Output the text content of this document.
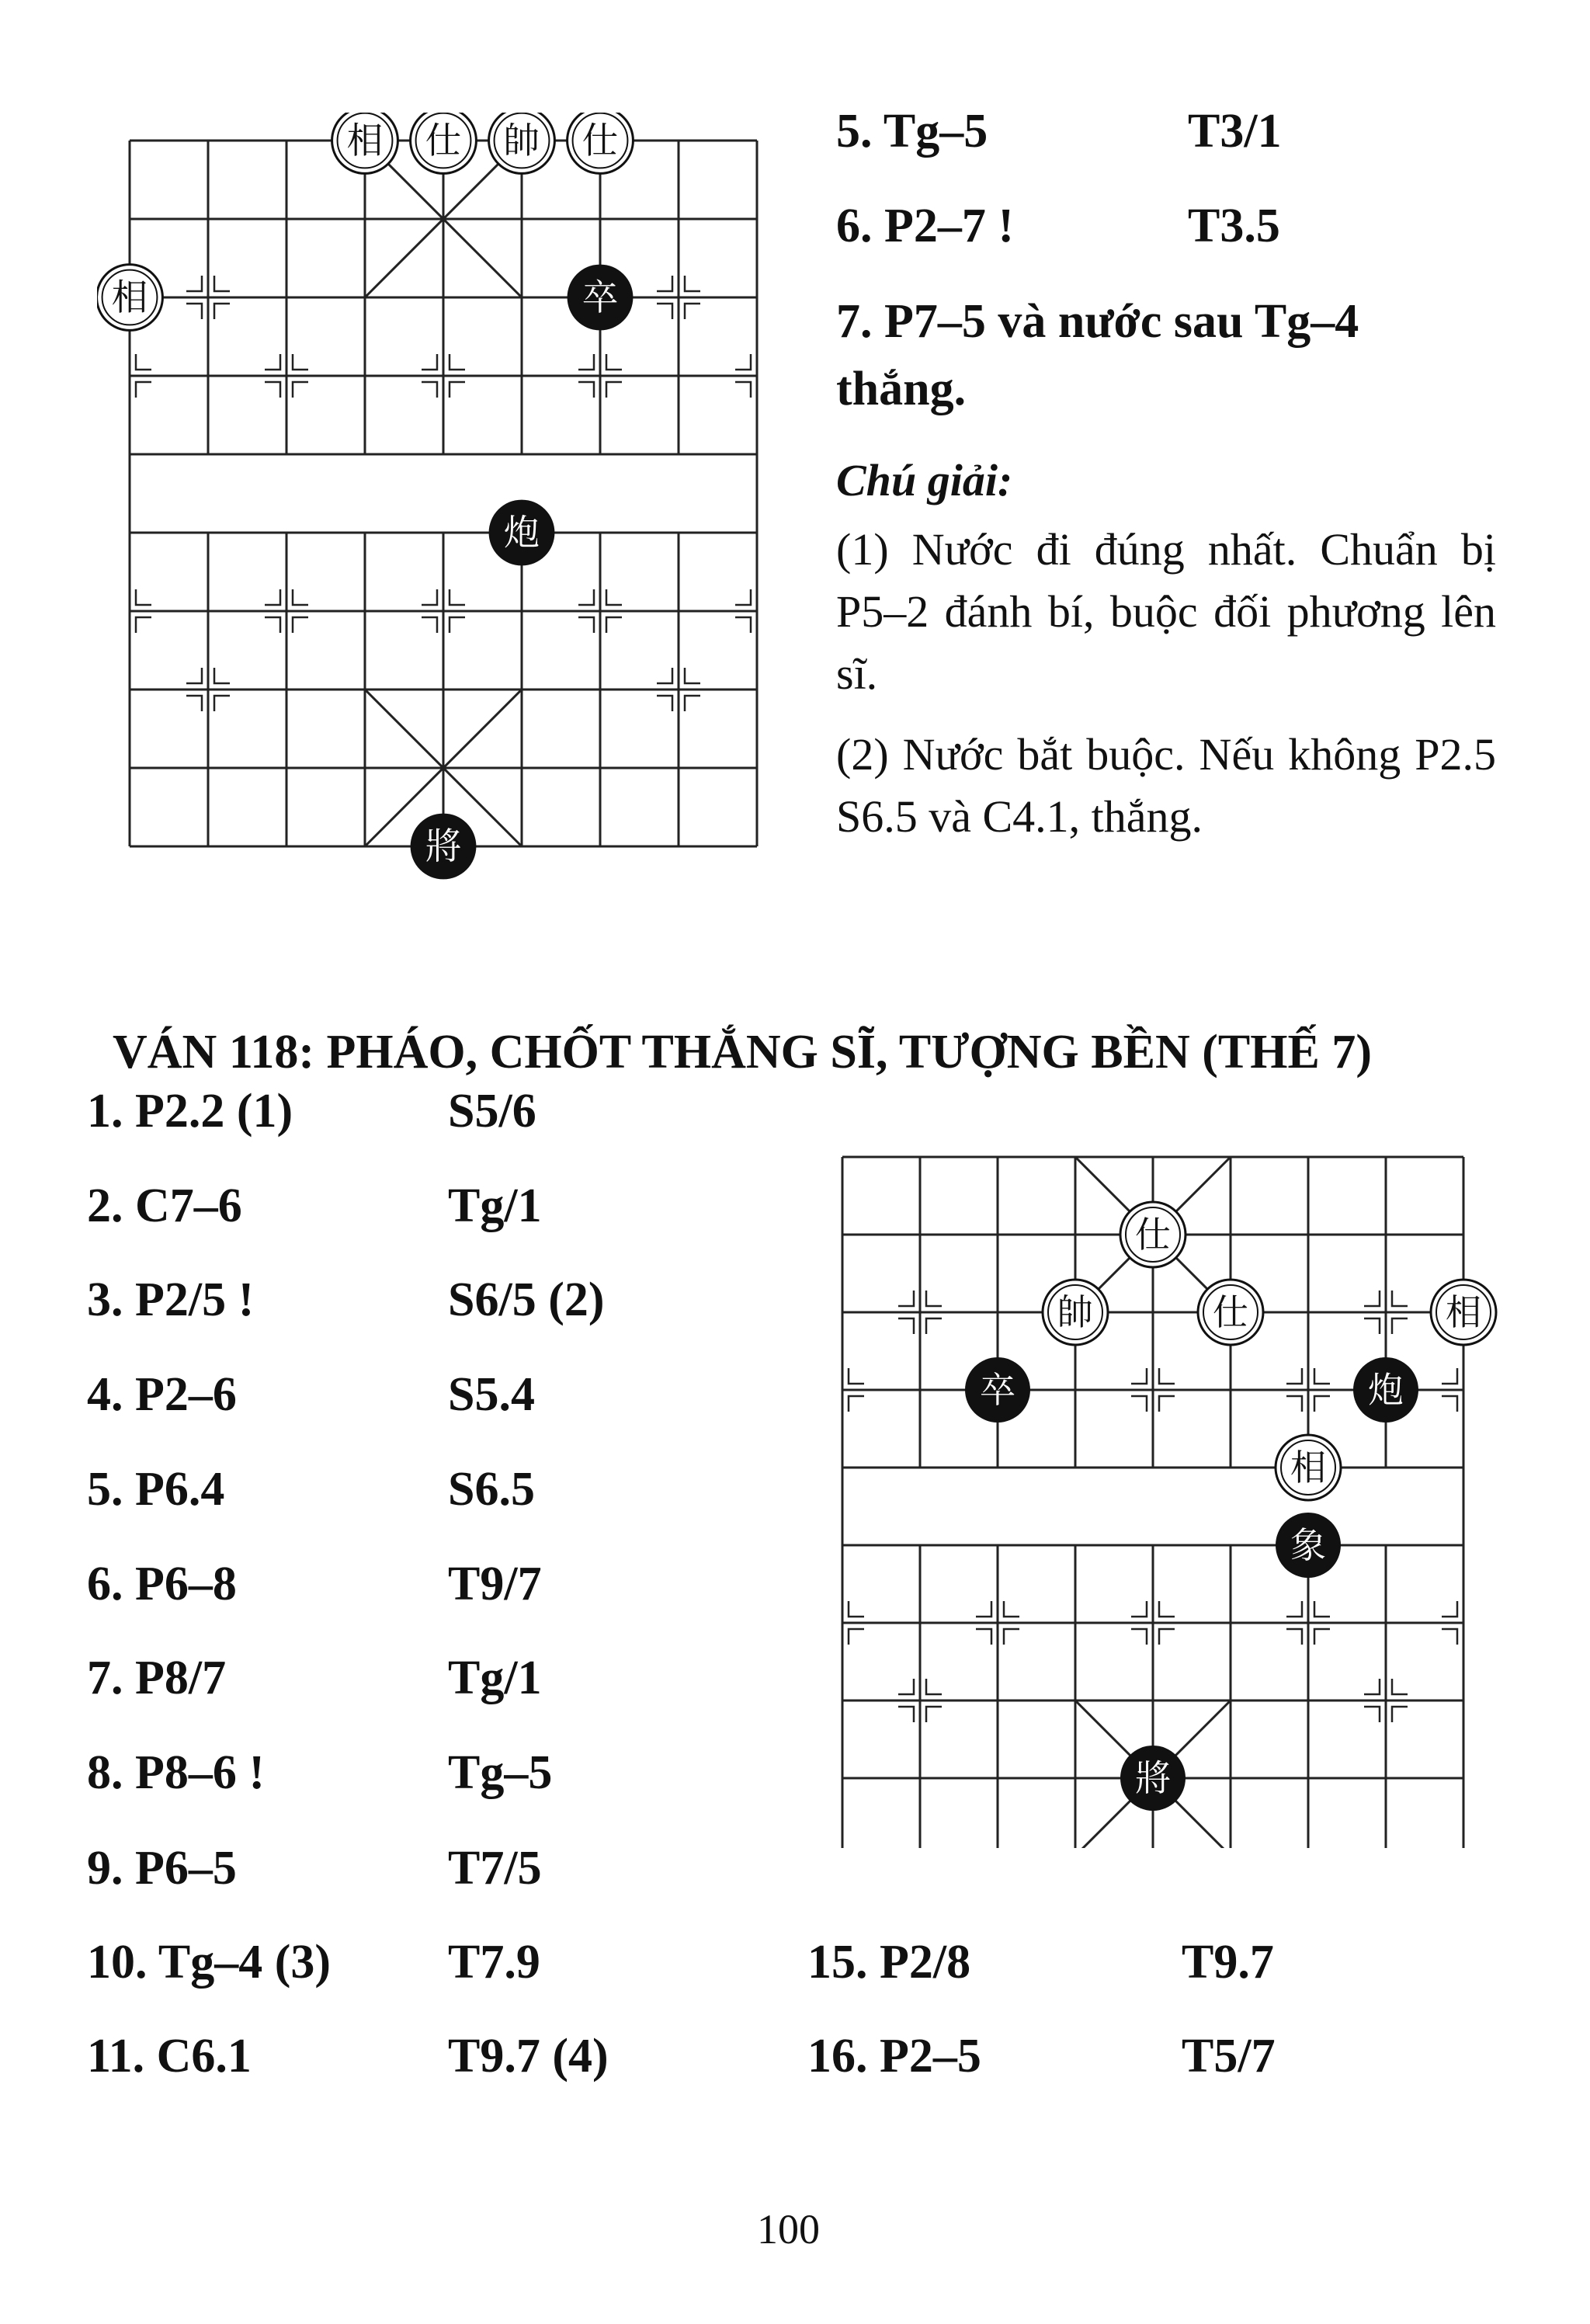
相 仕 帥 仕
相	卒
炮
將
5. Tg–5	T3/1
6. P2–7 !	T3.5
7. P7–5 và nước sau Tg–4
thắng.
Chú giải:
(1) Nước đi đúng nhất. Chuẩn bị P5–2 đánh bí, buộc đối phương lên sĩ.
(2) Nước bắt buộc. Nếu không P2.5 S6.5 và C4.1, thắng.
VÁN 118: PHÁO, CHỐT THẮNG SĨ, TƯỢNG BỀN (THẾ 7)
1. P2.2 (1)	S5/6
2. C7–6	Tg/1
3. P2/5 !	S6/5 (2)
4. P2–6	S5.4
5. P6.4	S6.5
6. P6–8	T9/7
7. P8/7	Tg/1
8. P8–6 !	Tg–5
9. P6–5	T7/5
10. Tg–4 (3) T7.9
11. C6.1	T9.7 (4)
仕
帥	仕	相
卒	炮
相
象
將
15. P2/8	T9.7
16. P2–5	T5/7
100
